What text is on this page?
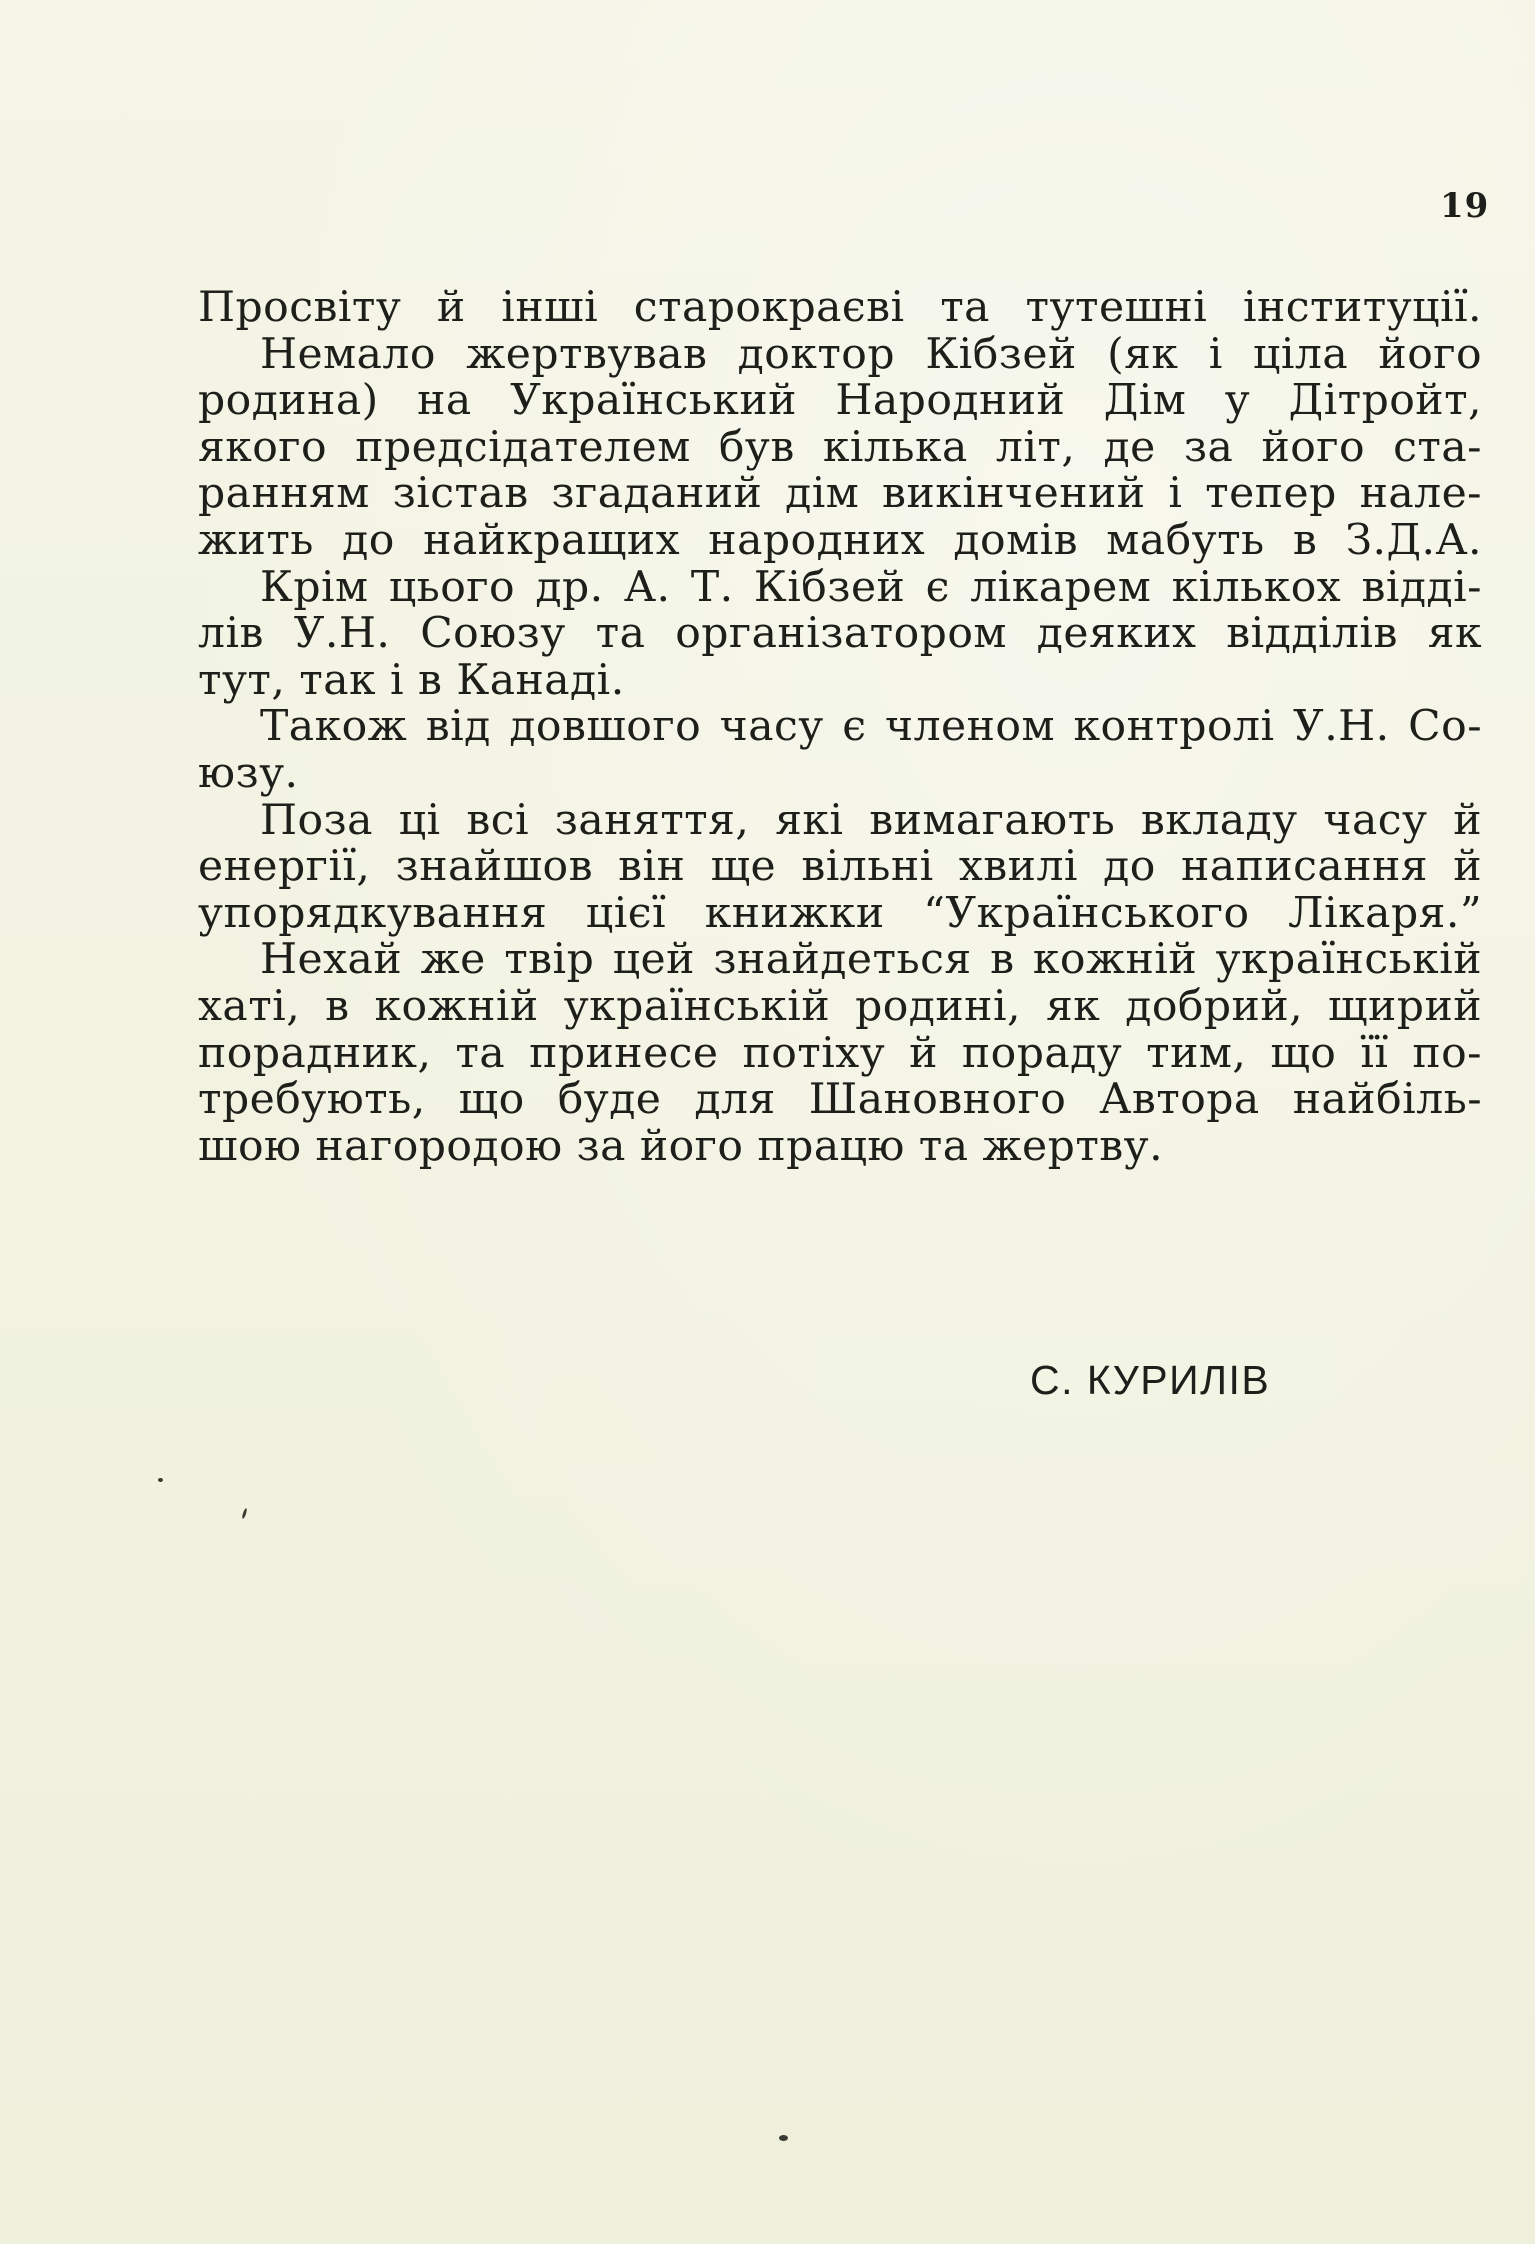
19
Просвіту й інші старокраєві та тутешні інституції.
Немало жертвував доктор Кібзей (як і ціла його
родина) на Український Народний Дім у Дітройт,
якого предсідателем був кілька літ, де за його ста-
ранням зістав згаданий дім викінчений і тепер нале-
жить до найкращих народних домів мабуть в З.Д.А.
Крім цього др. А. Т. Кібзей є лікарем кількох відді-
лів У.Н. Союзу та організатором деяких відділів як
тут, так і в Канаді.
Також від довшого часу є членом контролі У.Н. Со-
юзу.
Поза ці всі заняття, які вимагають вкладу часу й
енергії, знайшов він ще вільні хвилі до написання й
упорядкування цієї книжки “Українського Лікаря.”
Нехай же твір цей знайдеться в кожній українській
хаті, в кожній українській родині, як добрий, щирий
порадник, та принесе потіху й пораду тим, що її по-
требують, що буде для Шановного Автора найбіль-
шою нагородою за його працю та жертву.
С. КУРИЛІВ
